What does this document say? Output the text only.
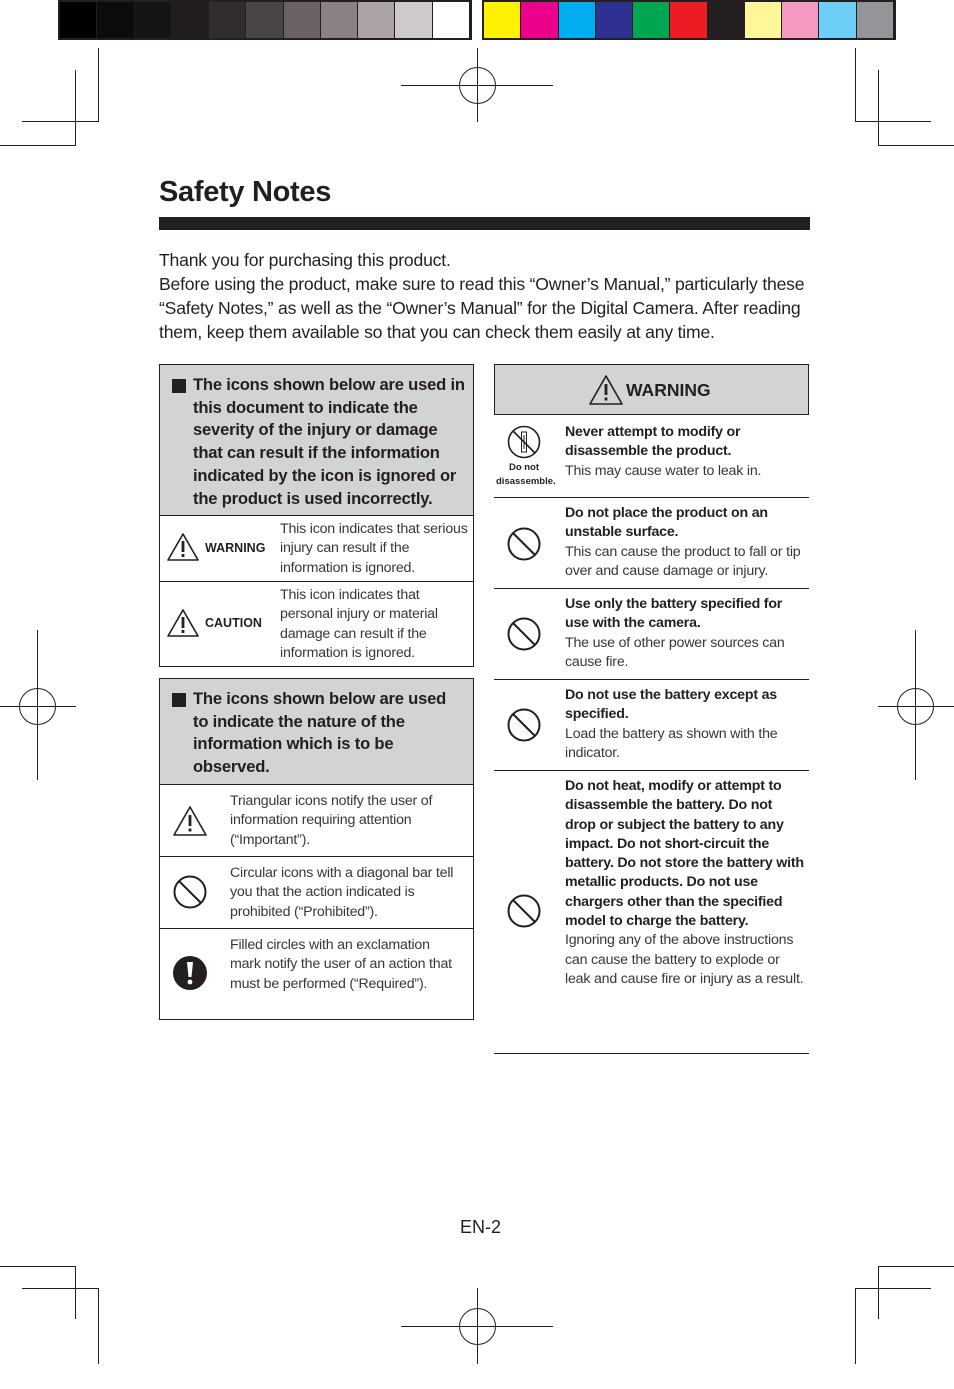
Safety Notes

Thank you for purchasing this product.

Before using the product, make sure to read this “Owner’s Manual,” particularly these “Safety Notes,” as well as the “Owner’s Manual” for the Digital Camera. After reading them, keep them available so that you can check them easily at any time.

The icons shown below are used in this document to indicate the severity of the injury or damage that can result if the information indicated by the icon is ignored or the product is used incorrectly.
WARNING
This icon indicates that serious injury can result if the information is ignored.
CAUTION
This icon indicates that personal injury or material damage can result if the information is ignored.
The icons shown below are used to indicate the nature of the information which is to be observed.
Triangular icons notify the user of information requiring attention (“Important”).
Circular icons with a diagonal bar tell you that the action indicated is prohibited (“Prohibited”).
Filled circles with an exclamation mark notify the user of an action that must be performed (“Required”).
WARNING
Do not disassemble.
Never attempt to modify or disassemble the product.
This may cause water to leak in.
Do not place the product on an unstable surface.
This can cause the product to fall or tip over and cause damage or injury.
Use only the battery specified for use with the camera.
The use of other power sources can cause fire.
Do not use the battery except as specified.
Load the battery as shown with the indicator.
Do not heat, modify or attempt to disassemble the battery. Do not drop or subject the battery to any impact. Do not short-circuit the battery. Do not store the battery with metallic products. Do not use chargers other than the specified model to charge the battery.
Ignoring any of the above instructions can cause the battery to explode or leak and cause fire or injury as a result.
EN-2
